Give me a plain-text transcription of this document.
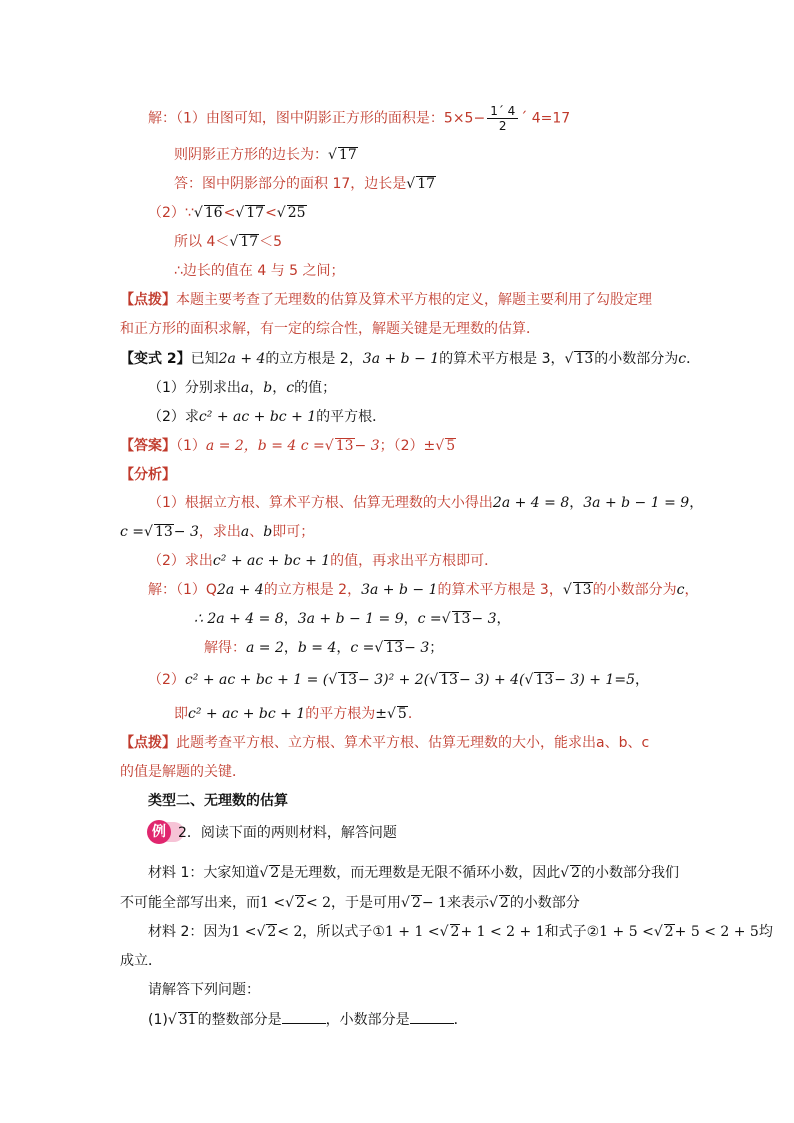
解：（1）由图可知，图中阴影正方形的面积是：$5\times 5- \frac{1´ 4}{2}$ ´ 4=17
则阴影正方形的边长为：√ 17
答：图中阴影部分的面积 17，边长是√ 17
（2）∵√ 16<√ 17<√ 25
所以 4＜√ 17＜5
∴边长的值在 4 与 5 之间；
【点拨】本题主要考查了无理数的估算及算术平方根的定义，解题主要利用了勾股定理
和正方形的面积求解，有一定的综合性，解题关键是无理数的估算．
【变式 2】已知2a + 4的立方根是 2，3a + b − 1的算术平方根是 3，√ 13的小数部分为c．
（1）分别求出a，b，c的值；
（2）求c² + ac + bc + 1的平方根．
【答案】（1）a = 2，b = 4 c =√ 13− 3；（2）±√ 5
【分析】
（1）根据立方根、算术平方根、估算无理数的大小得出2a + 4 = 8，3a + b − 1 = 9，
c =√ 13− 3，求出a、b即可；
（2）求出c² + ac + bc + 1的值，再求出平方根即可．
解：（1）Q2a + 4的立方根是 2，3a + b − 1的算术平方根是 3，√ 13的小数部分为c，
∴ 2a + 4 = 8，3a + b − 1 = 9，c =√ 13− 3，
解得：a = 2，b = 4，c =√ 13− 3；
（2）c² + ac + bc + 1 = (√ 13− 3)² + 2(√ 13− 3) + 4(√ 13− 3) + 1=5，
即c² + ac + bc + 1的平方根为±√ 5．
【点拨】此题考查平方根、立方根、算术平方根、估算无理数的大小，能求出a、b、c
的值是解题的关键．
类型二、无理数的估算
例 2．阅读下面的两则材料，解答问题
材料 1：大家知道√ 2是无理数，而无理数是无限不循环小数，因此√ 2的小数部分我们
不可能全部写出来，而1 <√ 2< 2，于是可用√ 2− 1来表示√ 2的小数部分
材料 2：因为1 <√ 2< 2，所以式子①1 + 1 <√ 2+ 1 < 2 + 1和式子②1 + 5 <√ 2+ 5 < 2 + 5均
成立．
请解答下列问题：
(1)√ 31的整数部分是	，小数部分是	．
